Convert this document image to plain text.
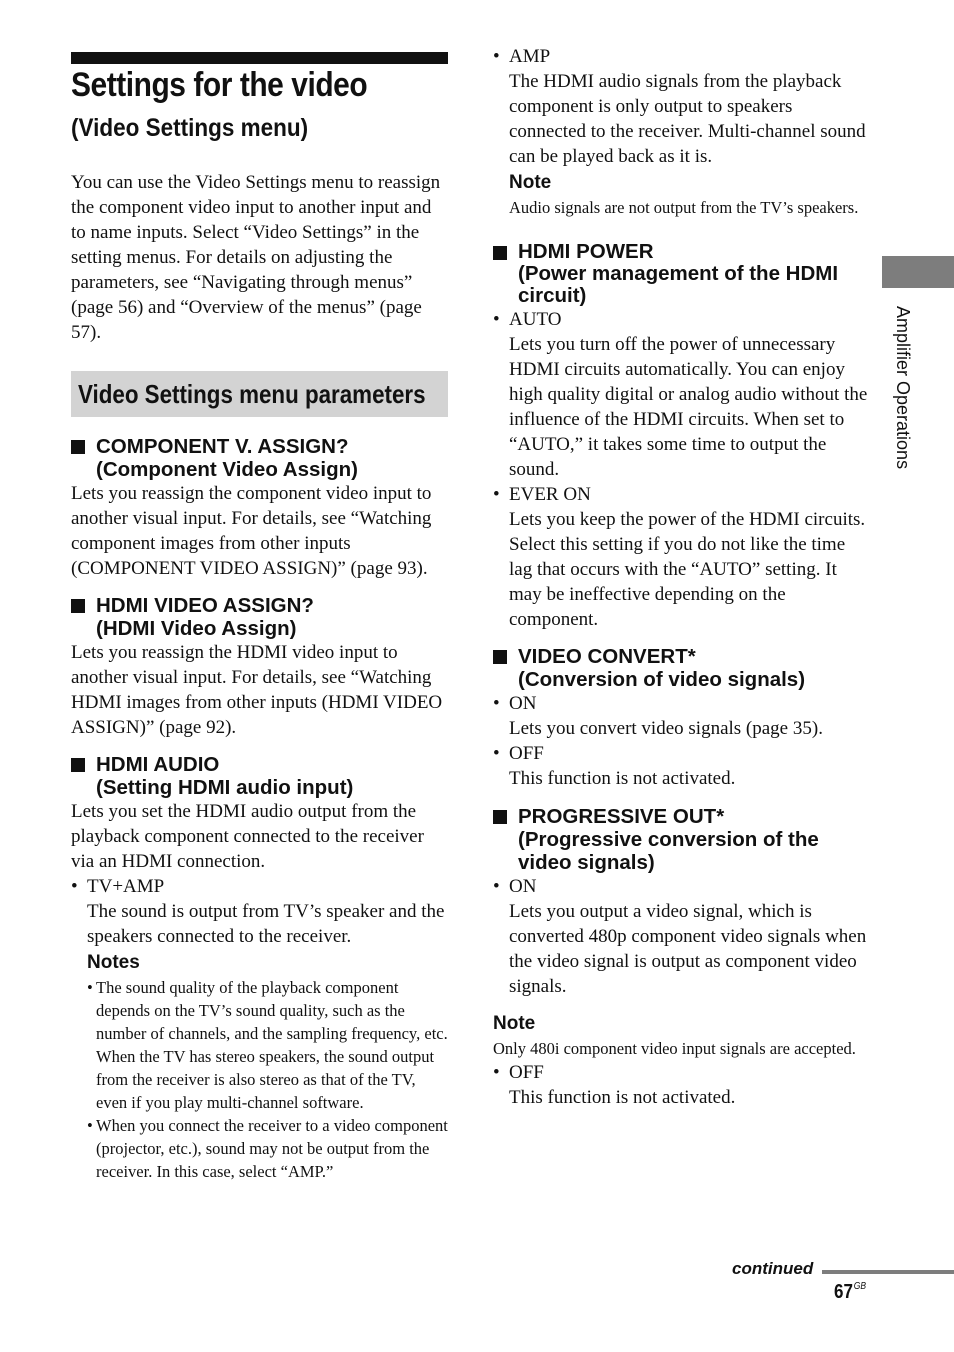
Settings for the video
(Video Settings menu)

You can use the Video Settings menu to reassign the component video input to another input and to name inputs. Select “Video Settings” in the setting menus. For details on adjusting the parameters, see “Navigating through menus” (page 56) and “Overview of the menus” (page 57).

Video Settings menu parameters
COMPONENT V. ASSIGN?
(Component Video Assign)

Lets you reassign the component video input to another visual input. For details, see “Watching component images from other inputs (COMPONENT VIDEO ASSIGN)” (page 93).

HDMI VIDEO ASSIGN?
(HDMI Video Assign)

Lets you reassign the HDMI video input to another visual input. For details, see “Watching HDMI images from other inputs (HDMI VIDEO ASSIGN)” (page 92).

HDMI AUDIO
(Setting HDMI audio input)

Lets you set the HDMI audio output from the playback component connected to the receiver via an HDMI connection.

• TV+AMP

The sound is output from TV’s speaker and the speakers connected to the receiver.

Notes
• The sound quality of the playback component depends on the TV’s sound quality, such as the number of channels, and the sampling frequency, etc. When the TV has stereo speakers, the sound output from the receiver is also stereo as that of the TV, even if you play multi-channel software.
• When you connect the receiver to a video component (projector, etc.), sound may not be output from the receiver. In this case, select “AMP.”
• AMP

The HDMI audio signals from the playback component is only output to speakers connected to the receiver. Multi-channel sound can be played back as it is.

Note

Audio signals are not output from the TV’s speakers.

HDMI POWER
(Power management of the HDMI
circuit)
• AUTO

Lets you turn off the power of unnecessary HDMI circuits automatically. You can enjoy high quality digital or analog audio without the influence of the HDMI circuits. When set to “AUTO,” it takes some time to output the sound.

• EVER ON

Lets you keep the power of the HDMI circuits. Select this setting if you do not like the time lag that occurs with the “AUTO” setting. It may be ineffective depending on the component.

VIDEO CONVERT*
(Conversion of video signals)
• ON

Lets you convert video signals (page 35).

• OFF

This function is not activated.

PROGRESSIVE OUT*
(Progressive conversion of the
video signals)
• ON

Lets you output a video signal, which is converted 480p component video signals when the video signal is output as component video signals.

Note

Only 480i component video input signals are accepted.

• OFF

This function is not activated.

Amplifier Operations
continued
$67^{GB}$
